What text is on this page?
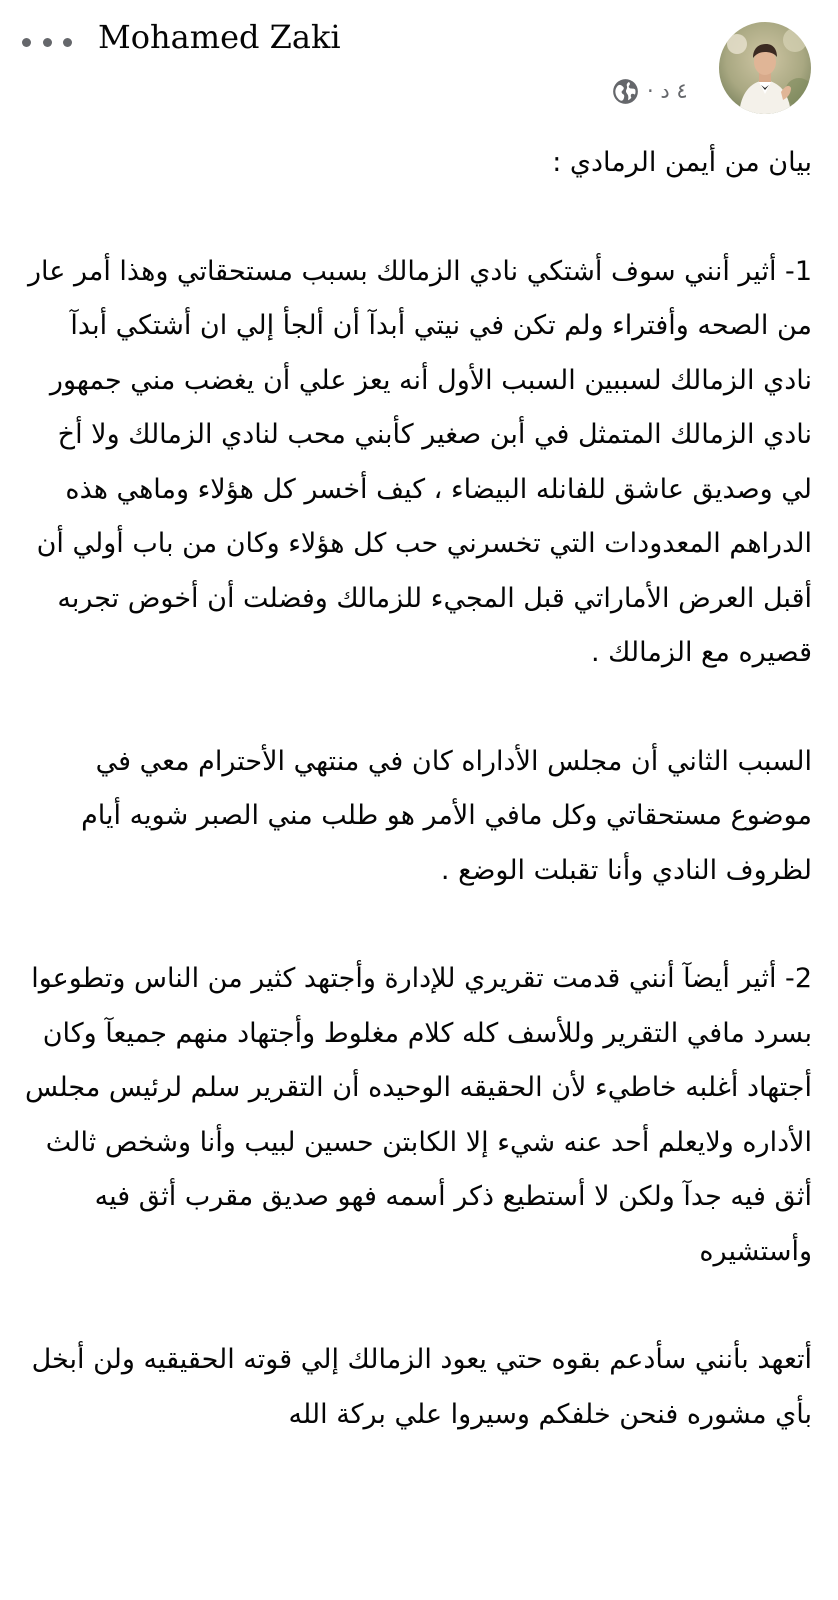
Mohamed Zaki
٤ د ·

بيان من أيمن الرمادي :

1- أثير أنني سوف أشتكي نادي الزمالك بسبب مستحقاتي وهذا أمر عار من الصحه وأفتراء ولم تكن في نيتي أبدآ أن ألجأ إلي ان أشتكي أبدآ نادي الزمالك لسببين السبب الأول أنه يعز علي أن يغضب مني جمهور نادي الزمالك المتمثل في أبن صغير كأبني محب لنادي الزمالك ولا أخ لي وصديق عاشق للفانله البيضاء ، كيف أخسر كل هؤلاء وماهي هذه الدراهم المعدودات التي تخسرني حب كل هؤلاء وكان من باب أولي أن أقبل العرض الأماراتي قبل المجيء للزمالك وفضلت أن أخوض تجربه قصيره مع الزمالك .

السبب الثاني أن مجلس الأداراه كان في منتهي الأحترام معي في موضوع مستحقاتي وكل مافي الأمر هو طلب مني الصبر شويه أيام لظروف النادي وأنا تقبلت الوضع .

2- أثير أيضآ أنني قدمت تقريري للإدارة وأجتهد كثير من الناس وتطوعوا بسرد مافي التقرير وللأسف كله كلام مغلوط وأجتهاد منهم جميعآ وكان أجتهاد أغلبه خاطيء لأن الحقيقه الوحيده أن التقرير سلم لرئيس مجلس الأداره ولايعلم أحد عنه شيء إلا الكابتن حسين لبيب وأنا وشخص ثالث أثق فيه جدآ ولكن لا أستطيع ذكر أسمه فهو صديق مقرب أثق فيه وأستشيره

أتعهد بأنني سأدعم بقوه حتي يعود الزمالك إلي قوته الحقيقيه ولن أبخل بأي مشوره فنحن خلفكم وسيروا علي بركة الله
